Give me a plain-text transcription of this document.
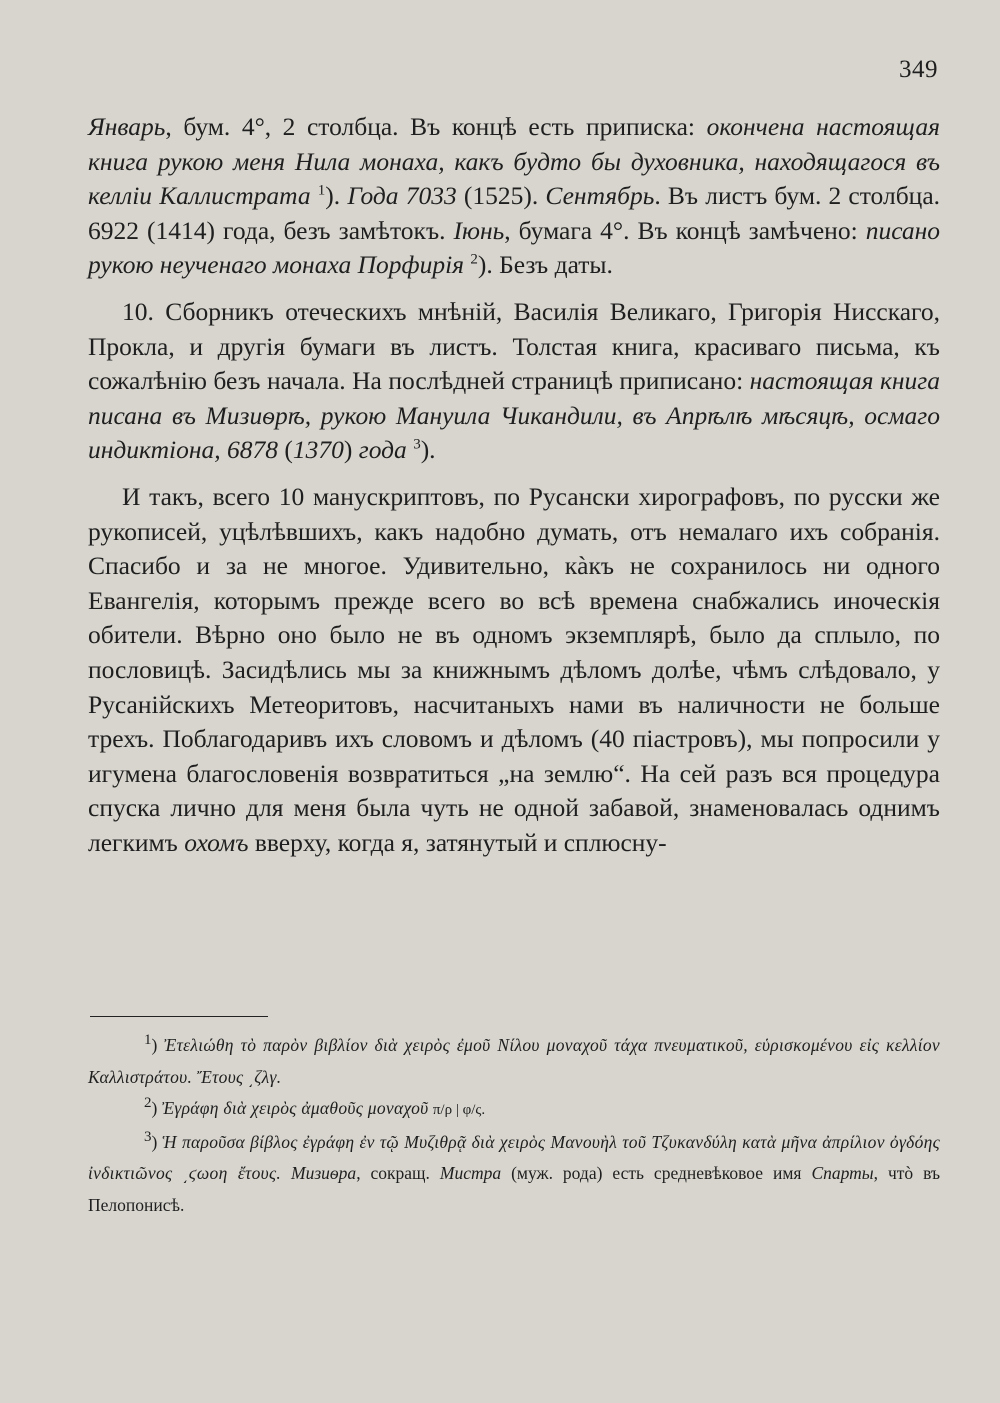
349

Январь, бум. 4°, 2 столбца. Въ концѣ есть приписка: окончена настоящая книга рукою меня Нила монаха, какъ будто бы духовника, находящагося въ келліи Каллистрата $^1$). Года 7033 (1525). Сентябрь. Въ листъ бум. 2 столбца. 6922 (1414) года, безъ замѣтокъ. Іюнь, бумага 4°. Въ концѣ замѣчено: писано рукою неученаго монаха Порфирія $^2$). Безъ даты.

10. Сборникъ отеческихъ мнѣній, Василія Великаго, Григорія Нисскаго, Прокла, и другія бумаги въ листъ. Толстая книга, красиваго письма, къ сожалѣнію безъ начала. На послѣдней страницѣ приписано: настоящая книга писана въ Мизиѳрѣ, рукою Мануила Чикандили, въ Апрѣлѣ мѣсяцѣ, осмаго индиктіона, 6878 (1370) года $^3$).

И такъ, всего 10 манускриптовъ, по Русански хирографовъ, по русски же рукописей, уцѣлѣвшихъ, какъ надобно думать, отъ немалаго ихъ собранія. Спасибо и за не многое. Удивительно, кàкъ не сохранилось ни одного Евангелія, которымъ прежде всего во всѣ времена снабжались иноческія обители. Вѣрно оно было не въ одномъ экземплярѣ, было да сплыло, по пословицѣ. Засидѣлись мы за книжнымъ дѣломъ долѣе, чѣмъ слѣдовало, у Русанійскихъ Метеоритовъ, насчитаныхъ нами въ наличности не больше трехъ. Поблагодаривъ ихъ словомъ и дѣломъ (40 піастровъ), мы попросили у игумена благословенія возвратиться „на землю“. На сей разъ вся процедура спуска лично для меня была чуть не одной забавой, знаменовалась однимъ легкимъ охомъ вверху, когда я, затянутый и сплюсну-

$^1$) Ἐτελιώθη τὸ παρὸν βιβλίον διὰ χειρὸς ἐμοῦ Νίλου μοναχοῦ τάχα πνευματικοῦ, εὑρισκομένου εἰς κελλίον Καλλιστράτου. Ἔτους ͵ζλγ.

$^2$) Ἐγράφη διὰ χειρὸς ἀμαθοῦς μοναχοῦ π/ρ | φ/ς.

$^3$) Ἡ παροῦσα βίβλος ἐγράφη ἐν τῷ Μυζιθρᾷ διὰ χειρὸς Μανουὴλ τοῦ Τζυκανδύλη κατὰ μῆνα ἀπρίλιον ὀγδόης ἰνδικτιῶνος ͵ϛωοη ἔτους. Мизиѳра, сокращ. Мистра (муж. рода) есть средневѣковое имя Спарты, чтò въ Пелопонисѣ.
